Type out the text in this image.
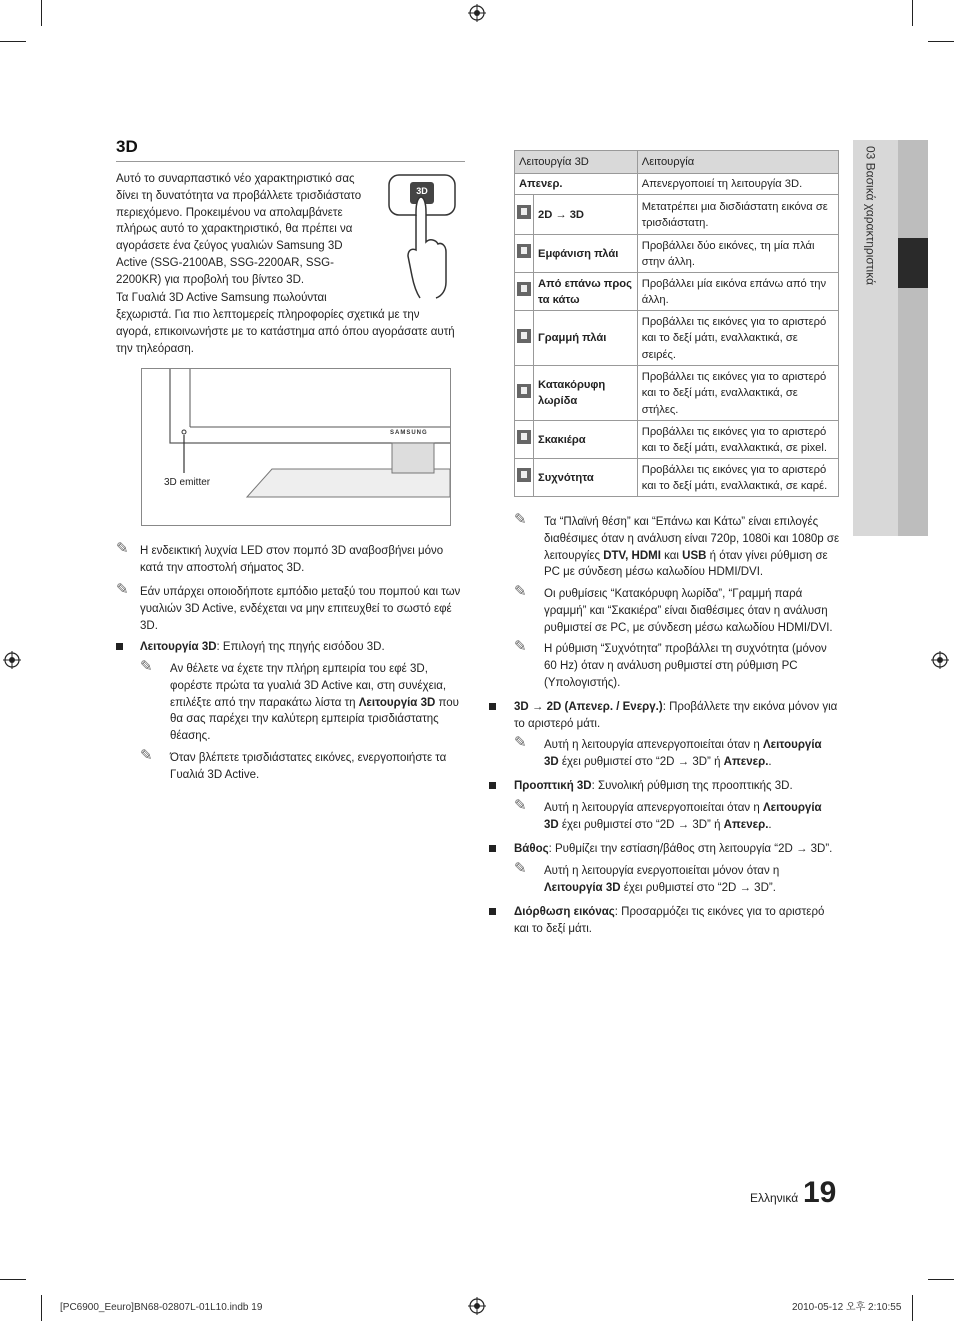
3D
Αυτό το συναρπαστικό νέο χαρακτηριστικό σας δίνει τη δυνατότητα να προβάλλετε τρισδιάστατο περιεχόμενο. Προκειμένου να απολαμβάνετε πλήρως αυτό το χαρακτηριστικό, θα πρέπει να αγοράσετε ένα ζεύγος γυαλιών Samsung 3D Active (SSG-2100AB, SSG-2200AR, SSG-2200KR) για προβολή του βίντεο 3D.
Τα Γυαλιά 3D Active Samsung πωλούνται
ξεχωριστά. Για πιο λεπτομερείς πληροφορίες σχετικά με την αγορά, επικοινωνήστε με το κατάστημα από όπου αγοράσατε αυτή την τηλεόραση.
3D
SAMSUNG
3D emitter
✎ Η ενδεικτική λυχνία LED στον πομπό 3D αναβοσβήνει μόνο κατά την αποστολή σήματος 3D.
✎ Εάν υπάρχει οποιοδήποτε εμπόδιο μεταξύ του πομπού και των γυαλιών 3D Active, ενδέχεται να μην επιτευχθεί το σωστό εφέ 3D.
Λειτουργία 3D: Επιλογή της πηγής εισόδου 3D.
✎ Αν θέλετε να έχετε την πλήρη εμπειρία του εφέ 3D, φορέστε πρώτα τα γυαλιά 3D Active και, στη συνέχεια, επιλέξτε από την παρακάτω λίστα τη Λειτουργία 3D που θα σας παρέχει την καλύτερη εμπειρία τρισδιάστατης θέασης.
✎ Όταν βλέπετε τρισδιάστατες εικόνες, ενεργοποιήστε τα Γυαλιά 3D Active.
Λειτουργία 3D		Λειτουργία
Απενερ.		Απενεργοποιεί τη λειτουργία 3D.
	2D → 3D	Μετατρέπει μια δισδιάστατη εικόνα σε τρισδιάστατη.
	Εμφάνιση πλάι	Προβάλλει δύο εικόνες, τη μία πλάι στην άλλη.
	Από επάνω προς τα κάτω	Προβάλλει μία εικόνα επάνω από την άλλη.
	Γραμμή πλάι	Προβάλλει τις εικόνες για το αριστερό και το δεξί μάτι, εναλλακτικά, σε σειρές.
	Κατακόρυφη λωρίδα	Προβάλλει τις εικόνες για το αριστερό και το δεξί μάτι, εναλλακτικά, σε στήλες.
	Σκακιέρα	Προβάλλει τις εικόνες για το αριστερό και το δεξί μάτι, εναλλακτικά, σε pixel.
	Συχνότητα	Προβάλλει τις εικόνες για το αριστερό και το δεξί μάτι, εναλλακτικά, σε καρέ.
✎ Τα “Πλαϊνή θέση” και “Επάνω και Κάτω” είναι επιλογές διαθέσιμες όταν η ανάλυση είναι 720p, 1080i και 1080p σε λειτουργίες DTV, HDMI και USB ή όταν γίνει ρύθμιση σε PC με σύνδεση μέσω καλωδίου HDMI/DVI.
✎ Οι ρυθμίσεις “Κατακόρυφη λωρίδα”, “Γραμμή παρά γραμμή” και “Σκακιέρα” είναι διαθέσιμες όταν η ανάλυση ρυθμιστεί σε PC, με σύνδεση μέσω καλωδίου HDMI/DVI.
✎ Η ρύθμιση “Συχνότητα” προβάλλει τη συχνότητα (μόνον 60 Hz) όταν η ανάλυση ρυθμιστεί στη ρύθμιση PC (Υπολογιστής).
3D → 2D (Απενερ. / Ενεργ.): Προβάλλετε την εικόνα μόνον για το αριστερό μάτι.
✎ Αυτή η λειτουργία απενεργοποιείται όταν η Λειτουργία 3D έχει ρυθμιστεί στο “2D → 3D” ή Απενερ..
Προοπτική 3D: Συνολική ρύθμιση της προοπτικής 3D.
✎ Αυτή η λειτουργία απενεργοποιείται όταν η Λειτουργία 3D έχει ρυθμιστεί στο “2D → 3D” ή Απενερ..
Βάθος: Ρυθμίζει την εστίαση/βάθος στη λειτουργία “2D → 3D”.
✎ Αυτή η λειτουργία ενεργοποιείται μόνον όταν η Λειτουργία 3D έχει ρυθμιστεί στο “2D → 3D”.
Διόρθωση εικόνας: Προσαρμόζει τις εικόνες για το αριστερό και το δεξί μάτι.
03 Βασικά χαρακτηριστικά
Ελληνικά 19
[PC6900_Eeuro]BN68-02807L-01L10.indb 19	2010-05-12 오후 2:10:55
